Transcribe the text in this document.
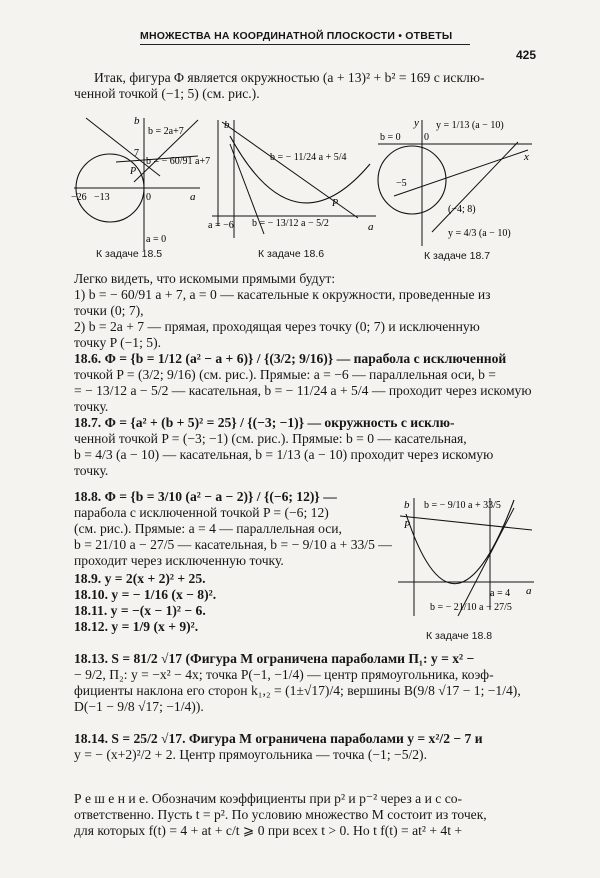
МНОЖЕСТВА НА КООРДИНАТНОЙ ПЛОСКОСТИ • ОТВЕТЫ
425
Итак, фигура Φ является окружностью (a + 13)² + b² = 169 с исклю-
ченной точкой (−1; 5) (см. рис.).
b
b = 2a+7
7
b = − 60/91 a+7
P
−26 −13	0	a
a = 0
К задаче 18.5
b
b = − 11/24 a + 5/4
a = −6 b = − 13/12 a − 5/2
P
a
К задаче 18.6
y
b = 0 0
y = 1/13 (a − 10)
x
−5
(−4; 8)
y = 4/3 (a − 10)
К задаче 18.7
Легко видеть, что искомыми прямыми будут:
1) b = − 60/91 a + 7, a = 0 — касательные к окружности, проведенные из
точки (0; 7),
2) b = 2a + 7 — прямая, проходящая через точку (0; 7) и исключенную
точку P (−1; 5).
18.6. Φ = {b = 1/12 (a² − a + 6)} / {(3/2; 9/16)} — парабола с исключенной
точкой P = (3/2; 9/16) (см. рис.). Прямые: a = −6 — параллельная оси, b =
= − 13/12 a − 5/2 — касательная, b = − 11/24 a + 5/4 — проходит через искомую
точку.
18.7. Φ = {a² + (b + 5)² = 25} / {(−3; −1)} — окружность с исклю-
ченной точкой P = (−3; −1) (см. рис.). Прямые: b = 0 — касательная,
b = 4/3 (a − 10) — касательная, b = 1/13 (a − 10) проходит через искомую
точку.
18.8. Φ = {b = 3/10 (a² − a − 2)} / {(−6; 12)} —
парабола с исключенной точкой P = (−6; 12)
(см. рис.). Прямые: a = 4 — параллельная оси,
b = 21/10 a − 27/5 — касательная, b = − 9/10 a + 33/5 —
проходит через исключенную точку.
18.9. y = 2(x + 2)² + 25.
18.10. y = − 1/16 (x − 8)².
18.11. y = −(x − 1)² − 6.
18.12. y = 1/9 (x + 9)².
b b = − 9/10 a + 33/5
P
a = 4 a
b = − 21/10 a − 27/5
К задаче 18.8
18.13. S = 81/2 √17 (Фигура M ограничена параболами Π₁: y = x² −
− 9/2, Π₂: y = −x² − 4x; точка P(−1, −1/4) — центр прямоугольника, коэф-
фициенты наклона его сторон k₁,₂ = (1±√17)/4; вершины B(9/8 √17 − 1; −1/4),
D(−1 − 9/8 √17; −1/4)).
18.14. S = 25/2 √17. Фигура M ограничена параболами y = x²/2 − 7 и
y = − (x+2)²/2 + 2. Центр прямоугольника — точка (−1; −5/2).
Р е ш е н и е. Обозначим коэффициенты при p² и p⁻² через a и c со-
ответственно. Пусть t = p². По условию множество M состоит из точек,
для которых f(t) = 4 + at + c/t ⩾ 0 при всех t > 0. Но t f(t) = at² + 4t +
